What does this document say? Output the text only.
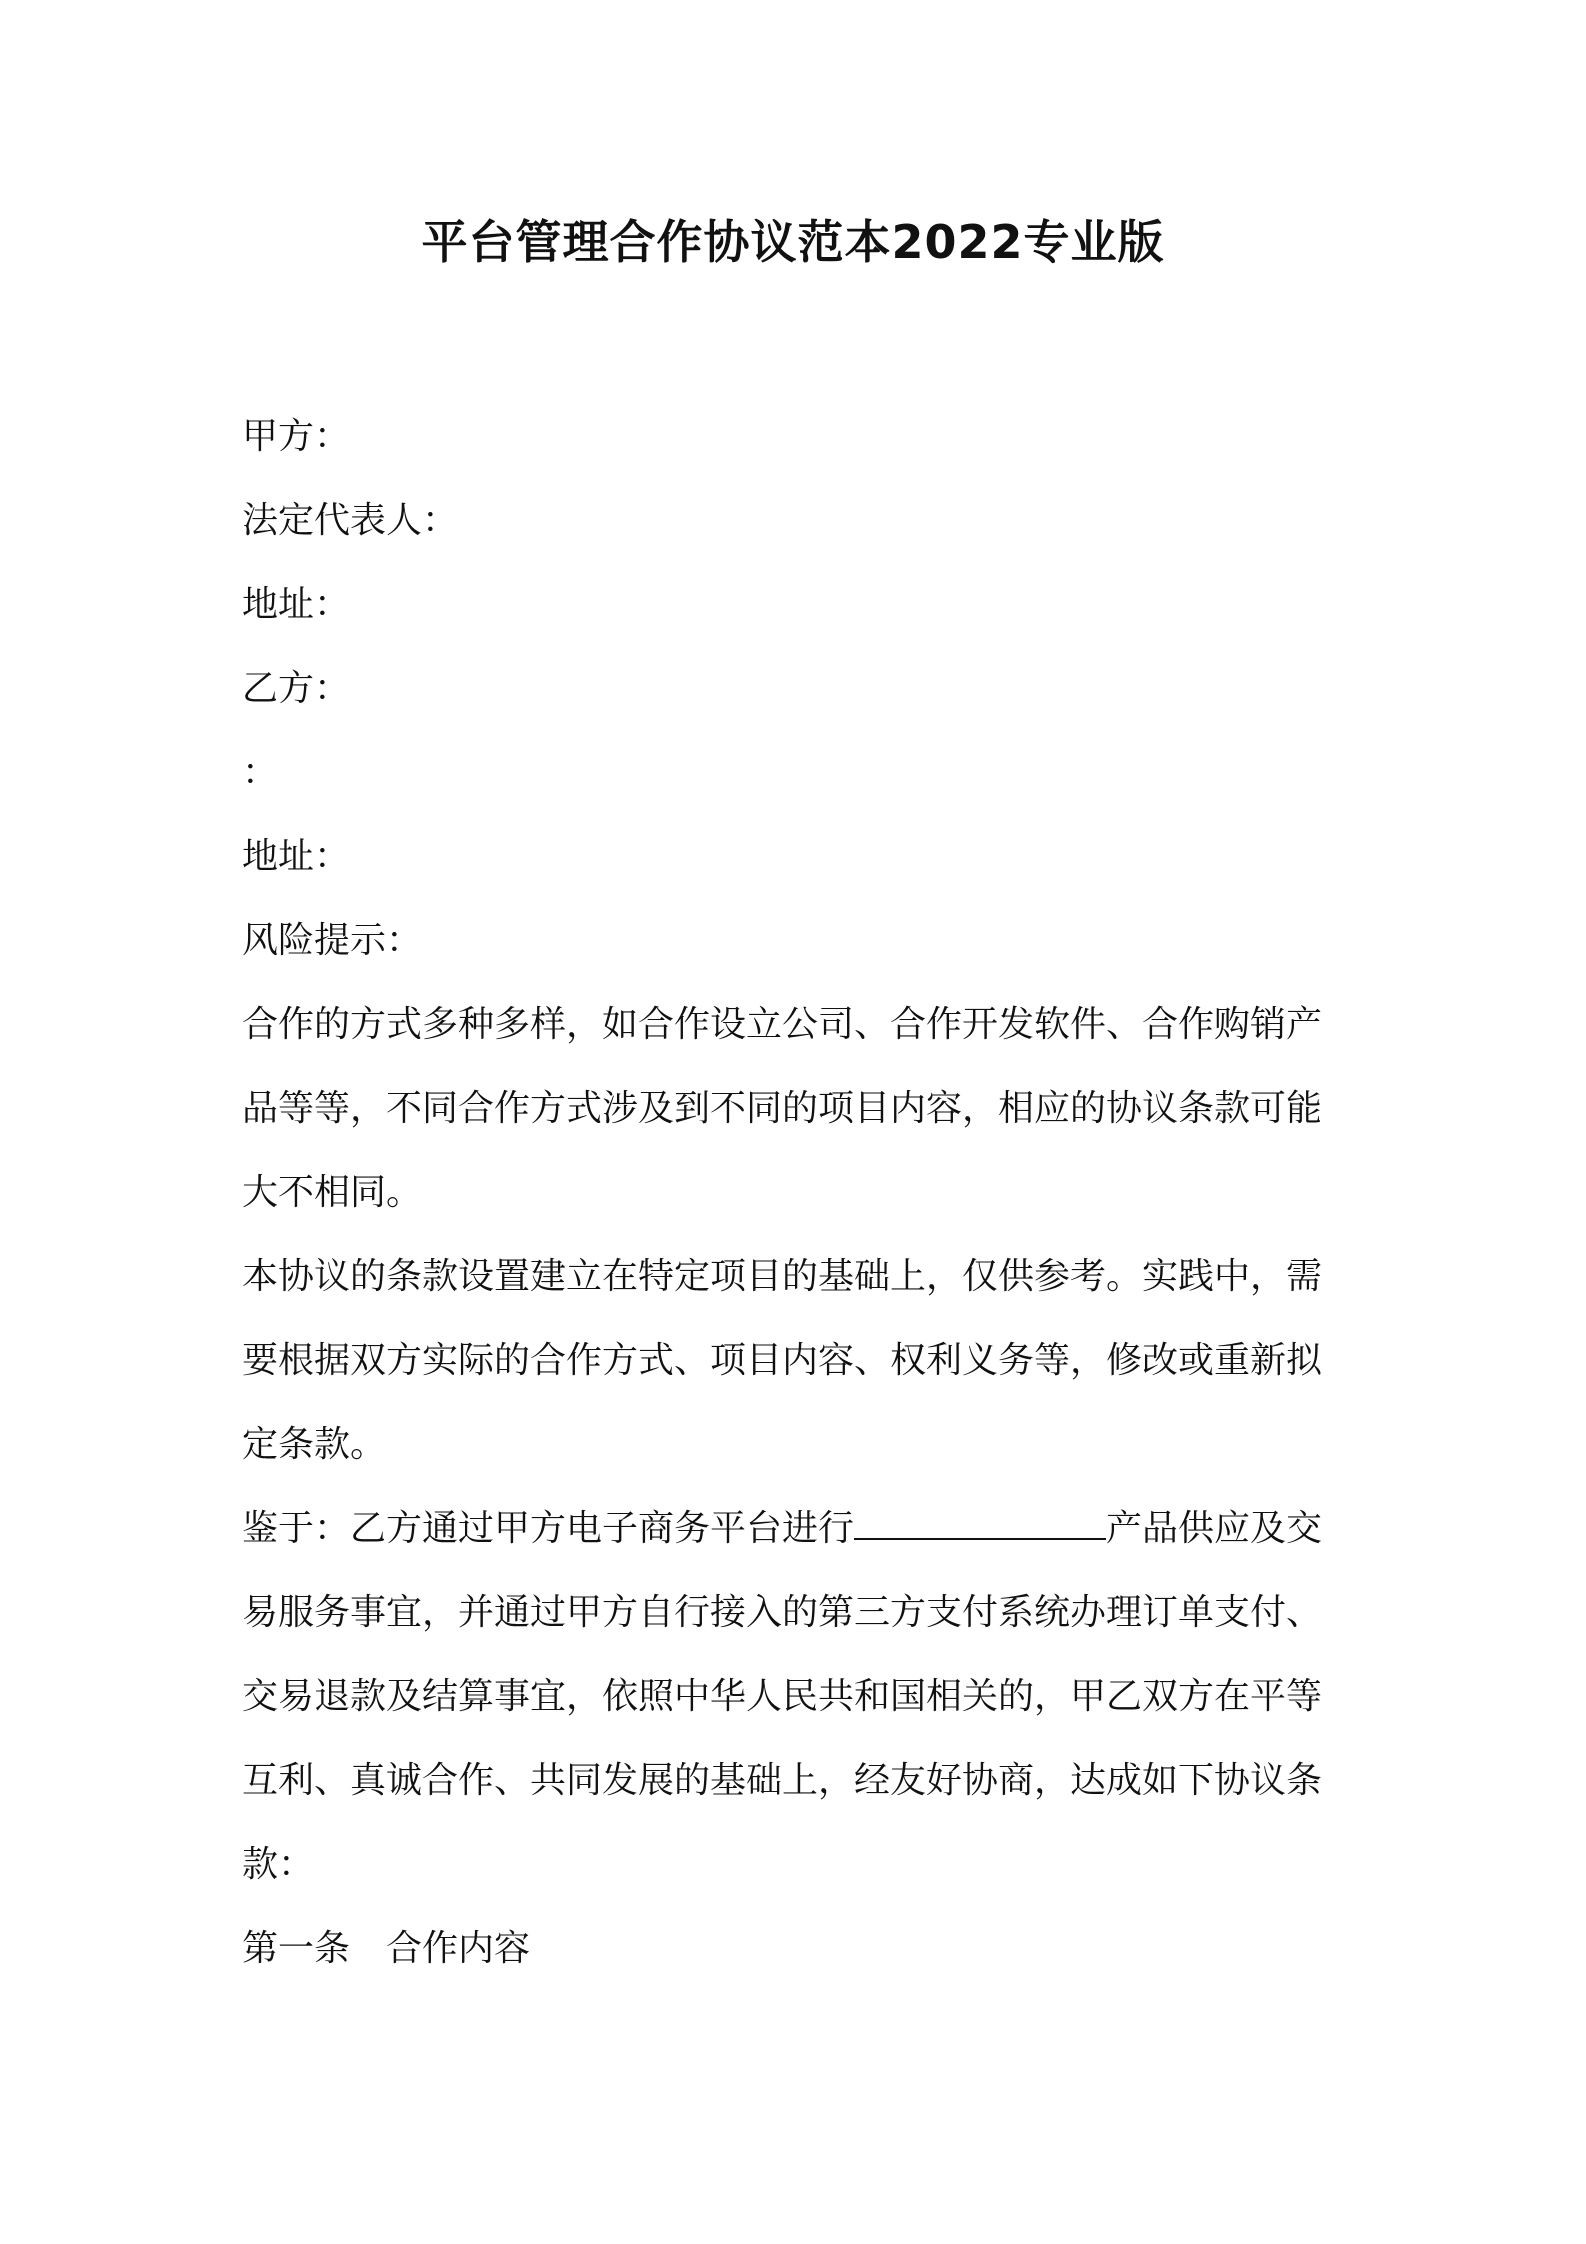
平台管理合作协议范本2022专业版
甲方：
法定代表人：
地址：
乙方：
：
地址：
风险提示：
合作的方式多种多样，如合作设立公司、合作开发软件、合作购销产
品等等，不同合作方式涉及到不同的项目内容，相应的协议条款可能
大不相同。
本协议的条款设置建立在特定项目的基础上，仅供参考。实践中，需
要根据双方实际的合作方式、项目内容、权利义务等，修改或重新拟
定条款。
鉴于：乙方通过甲方电子商务平台进行	产品供应及交
易服务事宜，并通过甲方自行接入的第三方支付系统办理订单支付、
交易退款及结算事宜，依照中华人民共和国相关的，甲乙双方在平等
互利、真诚合作、共同发展的基础上，经友好协商，达成如下协议条
款：
第一条 合作内容
